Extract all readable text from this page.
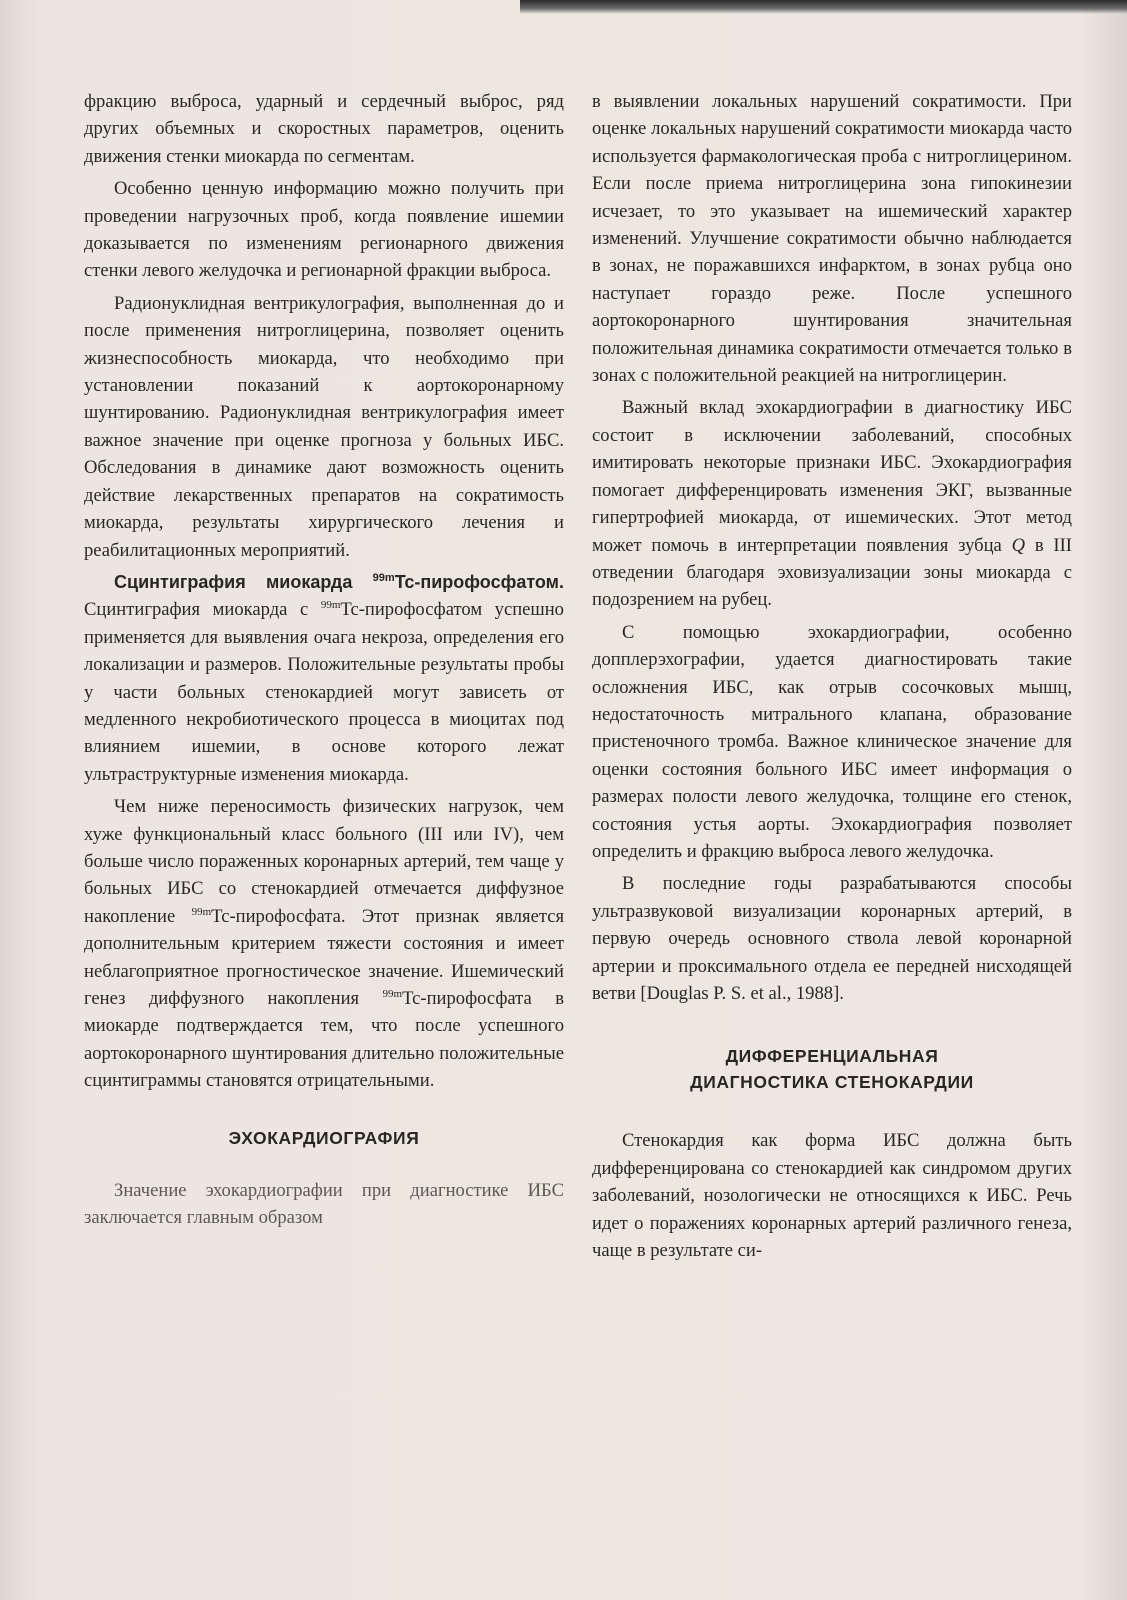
фракцию выброса, ударный и сердечный выброс, ряд других объемных и скоростных параметров, оценить движения стенки миокарда по сегментам.

Особенно ценную информацию можно получить при проведении нагрузочных проб, когда появление ишемии доказывается по изменениям регионарного движения стенки левого желудочка и регионарной фракции выброса.

Радионуклидная вентрикулография, выполненная до и после применения нитроглицерина, позволяет оценить жизнеспособность миокарда, что необходимо при установлении показаний к аортокоронарному шунтированию. Радионуклидная вентрикулография имеет важное значение при оценке прогноза у больных ИБС. Обследования в динамике дают возможность оценить действие лекарственных препаратов на сократимость миокарда, результаты хирургического лечения и реабилитационных мероприятий.

Сцинтиграфия миокарда $^{99m}$Tc-пирофосфатом. Сцинтиграфия миокарда с $^{99m}$Tc-пирофосфатом успешно применяется для выявления очага некроза, определения его локализации и размеров. Положительные результаты пробы у части больных стенокардией могут зависеть от медленного некробиотического процесса в миоцитах под влиянием ишемии, в основе которого лежат ультраструктурные изменения миокарда.

Чем ниже переносимость физических нагрузок, чем хуже функциональный класс больного (III или IV), чем больше число пораженных коронарных артерий, тем чаще у больных ИБС со стенокардией отмечается диффузное накопление $^{99m}$Tc-пирофосфата. Этот признак является дополнительным критерием тяжести состояния и имеет неблагоприятное прогностическое значение. Ишемический генез диффузного накопления $^{99m}$Tc-пирофосфата в миокарде подтверждается тем, что после успешного аортокоронарного шунтирования длительно положительные сцинтиграммы становятся отрицательными.

ЭХОКАРДИОГРАФИЯ

Значение эхокардиографии при диагностике ИБС заключается главным образом

в выявлении локальных нарушений сократимости. При оценке локальных нарушений сократимости миокарда часто используется фармакологическая проба с нитроглицерином. Если после приема нитроглицерина зона гипокинезии исчезает, то это указывает на ишемический характер изменений. Улучшение сократимости обычно наблюдается в зонах, не поражавшихся инфарктом, в зонах рубца оно наступает гораздо реже. После успешного аортокоронарного шунтирования значительная положительная динамика сократимости отмечается только в зонах с положительной реакцией на нитроглицерин.

Важный вклад эхокардиографии в диагностику ИБС состоит в исключении заболеваний, способных имитировать некоторые признаки ИБС. Эхокардиография помогает дифференцировать изменения ЭКГ, вызванные гипертрофией миокарда, от ишемических. Этот метод может помочь в интерпретации появления зубца Q в III отведении благодаря эховизуализации зоны миокарда с подозрением на рубец.

С помощью эхокардиографии, особенно допплерэхографии, удается диагностировать такие осложнения ИБС, как отрыв сосочковых мышц, недостаточность митрального клапана, образование пристеночного тромба. Важное клиническое значение для оценки состояния больного ИБС имеет информация о размерах полости левого желудочка, толщине его стенок, состояния устья аорты. Эхокардиография позволяет определить и фракцию выброса левого желудочка.

В последние годы разрабатываются способы ультразвуковой визуализации коронарных артерий, в первую очередь основного ствола левой коронарной артерии и проксимального отдела ее передней нисходящей ветви [Douglas P. S. et al., 1988].

ДИФФЕРЕНЦИАЛЬНАЯ
ДИАГНОСТИКА СТЕНОКАРДИИ

Стенокардия как форма ИБС должна быть дифференцирована со стенокардией как синдромом других заболеваний, нозологически не относящихся к ИБС. Речь идет о поражениях коронарных артерий различного генеза, чаще в результате си-
